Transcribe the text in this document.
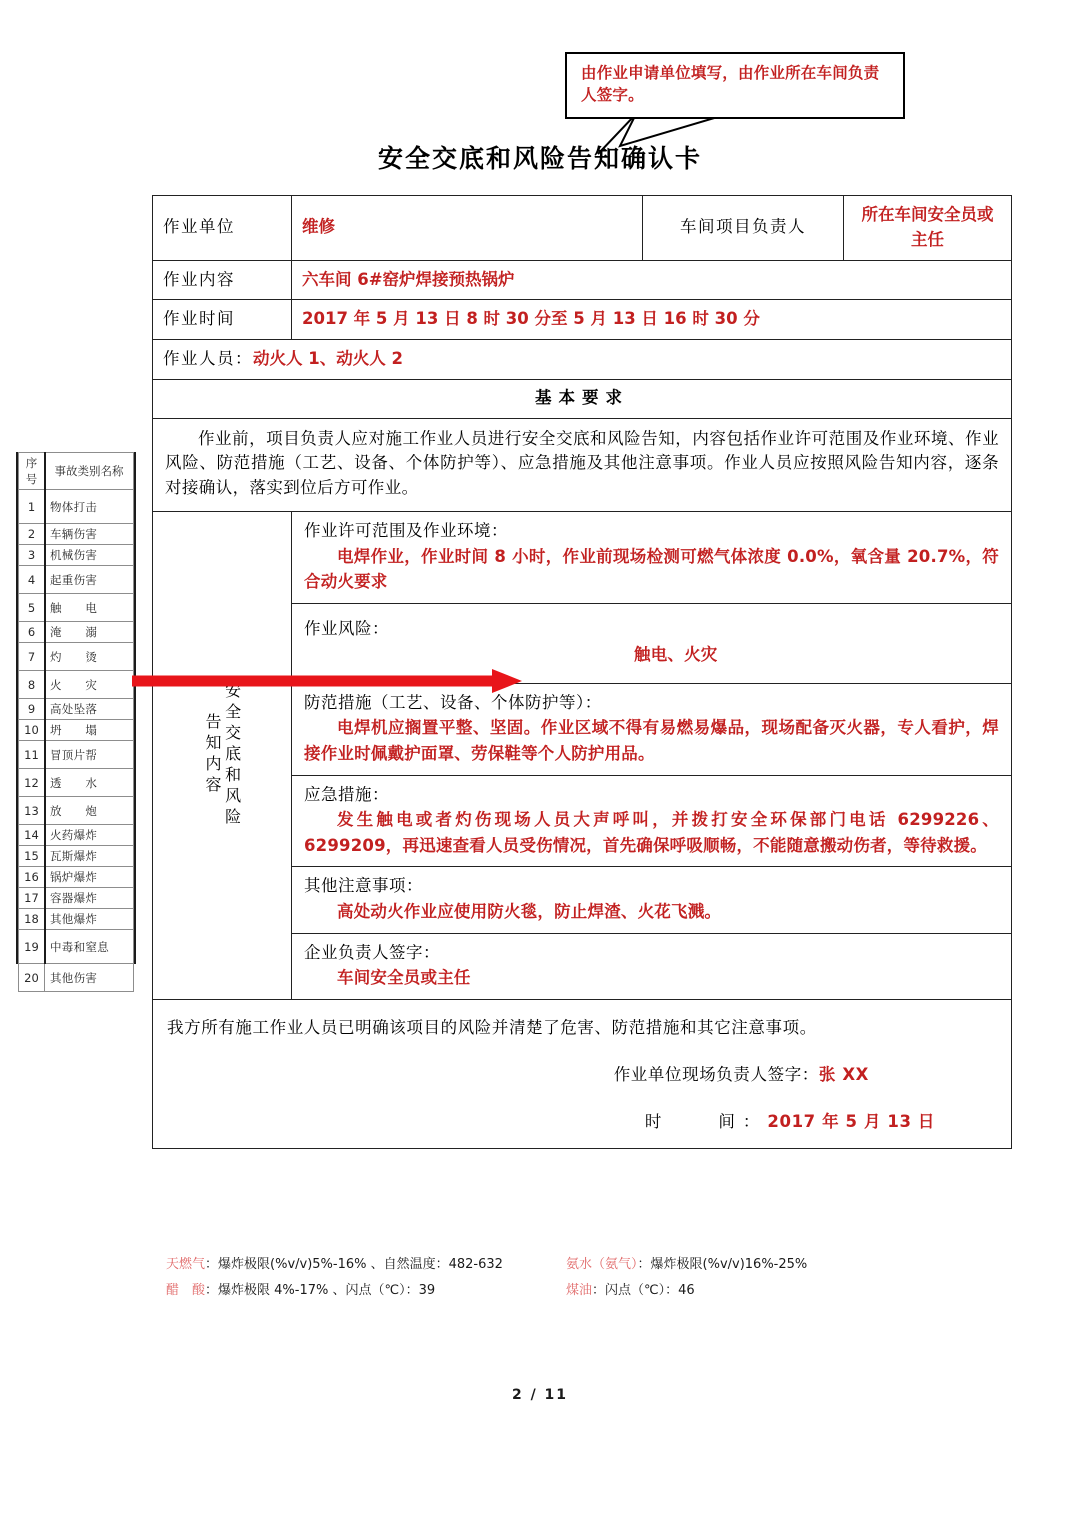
由作业申请单位填写，由作业所在车间负责人签字。
安全交底和风险告知确认卡
序号	事故类别名称
1	物体打击
2	车辆伤害
3	机械伤害
4	起重伤害
5	触　　电
6	淹　　溺
7	灼　　烫
8	火　　灾
9	高处坠落
10	坍　　塌
11	冒顶片帮
12	透　　水
13	放　　炮
14	火药爆炸
15	瓦斯爆炸
16	锅炉爆炸
17	容器爆炸
18	其他爆炸
19	中毒和窒息
20	其他伤害
作业单位	维修	车间项目负责人	所在车间安全员或主任
作业内容	六车间 6#窑炉焊接预热锅炉		
作业时间	2017 年 5 月 13 日 8 时 30 分至 5 月 13 日 16 时 30 分		
作业人员：动火人 1、动火人 2			
基本要求			

作业前，项目负责人应对施工作业人员进行安全交底和风险告知，内容包括作业许可范围及作业环境、作业风险、防范措施（工艺、设备、个体防护等）、应急措施及其他注意事项。作业人员应按照风险告知内容，逐条对接确认，落实到位后方可作业。			

安全交底和风险
告知内容

作业许可范围及作业环境：
电焊作业，作业时间 8 小时，作业前现场检测可燃气体浓度 0.0%，氧含量 20.7%，符合动火要求

	作业风险：
触电、火灾		

	防范措施（工艺、设备、个体防护等）：
电焊机应搁置平整、坚固。作业区域不得有易燃易爆品，现场配备灭火器，专人看护，焊接作业时佩戴护面罩、劳保鞋等个人防护用品。		

	应急措施：
发生触电或者灼伤现场人员大声呼叫，并拨打安全环保部门电话 6299226、6299209，再迅速查看人员受伤情况，首先确保呼吸顺畅，不能随意搬动伤者，等待救援。		

	其他注意事项：
高处动火作业应使用防火毯，防止焊渣、火花飞溅。		

	企业负责人签字：
车间安全员或主任		

我方所有施工作业人员已明确该项目的风险并清楚了危害、防范措施和其它注意事项。
作业单位现场负责人签字：张 XX
时　　间：2017 年 5 月 13 日			
天燃气：爆炸极限(%v/v)5%-16% 、自然温度：482-632	氨水（氨气）：爆炸极限(%v/v)16%-25%
醋　酸：爆炸极限 4%-17% 、闪点（℃）：39	煤油：闪点（℃）：46
2 / 11
